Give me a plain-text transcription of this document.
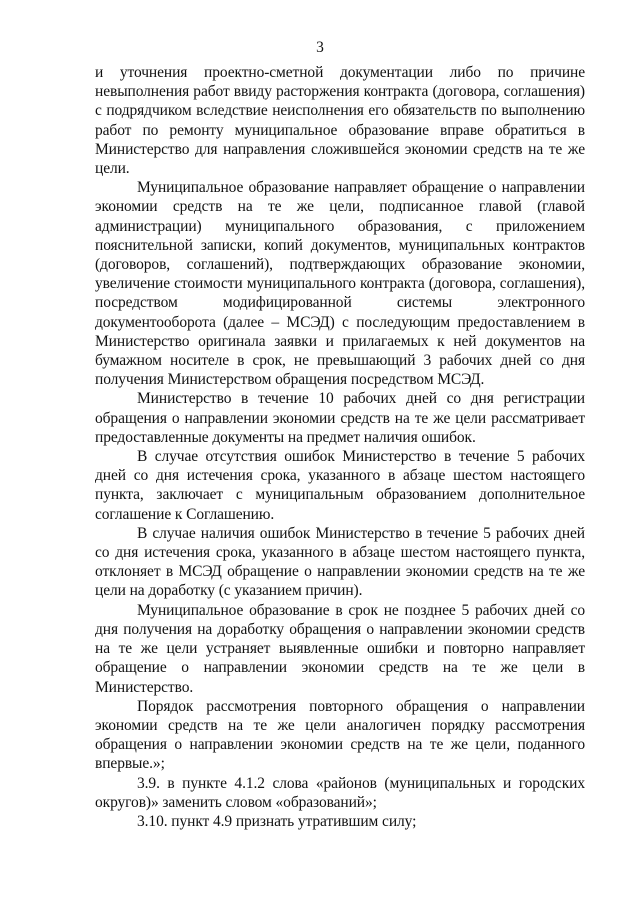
3

и уточнения проектно-сметной документации либо по причине невыполнения работ ввиду расторжения контракта (договора, соглашения) с подрядчиком вследствие неисполнения его обязательств по выполнению работ по ремонту муниципальное образование вправе обратиться в Министерство для направления сложившейся экономии средств на те же цели.

Муниципальное образование направляет обращение о направлении экономии средств на те же цели, подписанное главой (главой администрации) муниципального образования, с приложением пояснительной записки, копий документов, муниципальных контрактов (договоров, соглашений), подтверждающих образование экономии, увеличение стоимости муниципального контракта (договора, соглашения), посредством модифицированной системы электронного документооборота (далее – МСЭД) с последующим предоставлением в Министерство оригинала заявки и прилагаемых к ней документов на бумажном носителе в срок, не превышающий 3 рабочих дней со дня получения Министерством обращения посредством МСЭД.

Министерство в течение 10 рабочих дней со дня регистрации обращения о направлении экономии средств на те же цели рассматривает предоставленные документы на предмет наличия ошибок.

В случае отсутствия ошибок Министерство в течение 5 рабочих дней со дня истечения срока, указанного в абзаце шестом настоящего пункта, заключает с муниципальным образованием дополнительное соглашение к Соглашению.

В случае наличия ошибок Министерство в течение 5 рабочих дней со дня истечения срока, указанного в абзаце шестом настоящего пункта, отклоняет в МСЭД обращение о направлении экономии средств на те же цели на доработку (с указанием причин).

Муниципальное образование в срок не позднее 5 рабочих дней со дня получения на доработку обращения о направлении экономии средств на те же цели устраняет выявленные ошибки и повторно направляет обращение о направлении экономии средств на те же цели в Министерство.

Порядок рассмотрения повторного обращения о направлении экономии средств на те же цели аналогичен порядку рассмотрения обращения о направлении экономии средств на те же цели, поданного впервые.»;

3.9. в пункте 4.1.2 слова «районов (муниципальных и городских округов)» заменить словом «образований»;

3.10. пункт 4.9 признать утратившим силу;
